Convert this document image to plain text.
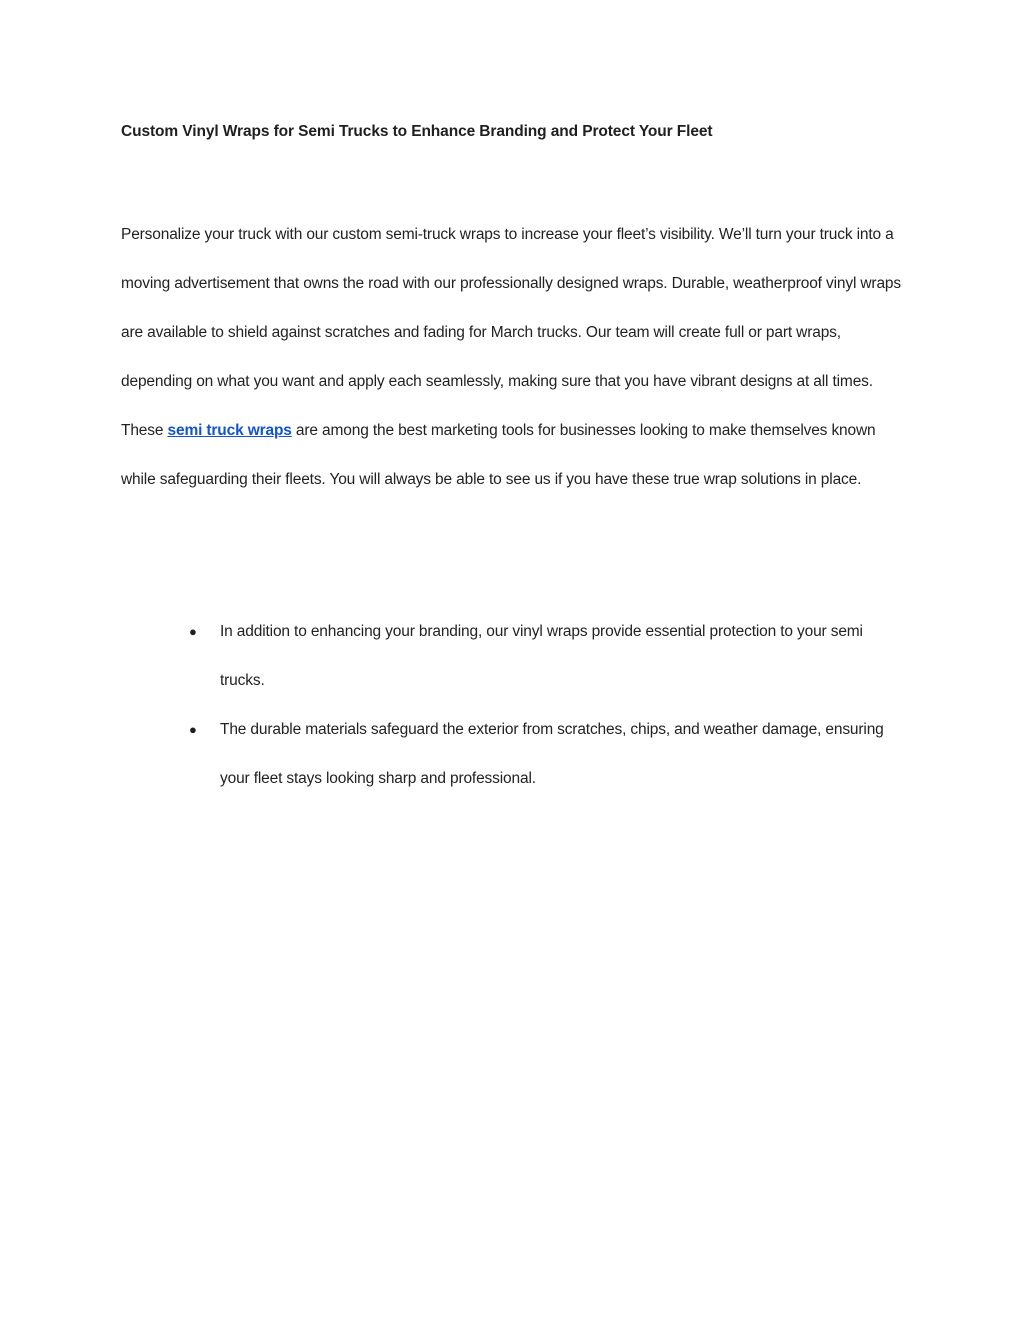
Custom Vinyl Wraps for Semi Trucks to Enhance Branding and Protect Your Fleet

Personalize your truck with our custom semi-truck wraps to increase your fleet’s visibility. We’ll turn your truck into a moving advertisement that owns the road with our professionally designed wraps. Durable, weatherproof vinyl wraps are available to shield against scratches and fading for March trucks. Our team will create full or part wraps, depending on what you want and apply each seamlessly, making sure that you have vibrant designs at all times. These semi truck wraps are among the best marketing tools for businesses looking to make themselves known while safeguarding their fleets. You will always be able to see us if you have these true wrap solutions in place.

● In addition to enhancing your branding, our vinyl wraps provide essential protection to your semi trucks.
● The durable materials safeguard the exterior from scratches, chips, and weather damage, ensuring your fleet stays looking sharp and professional.
